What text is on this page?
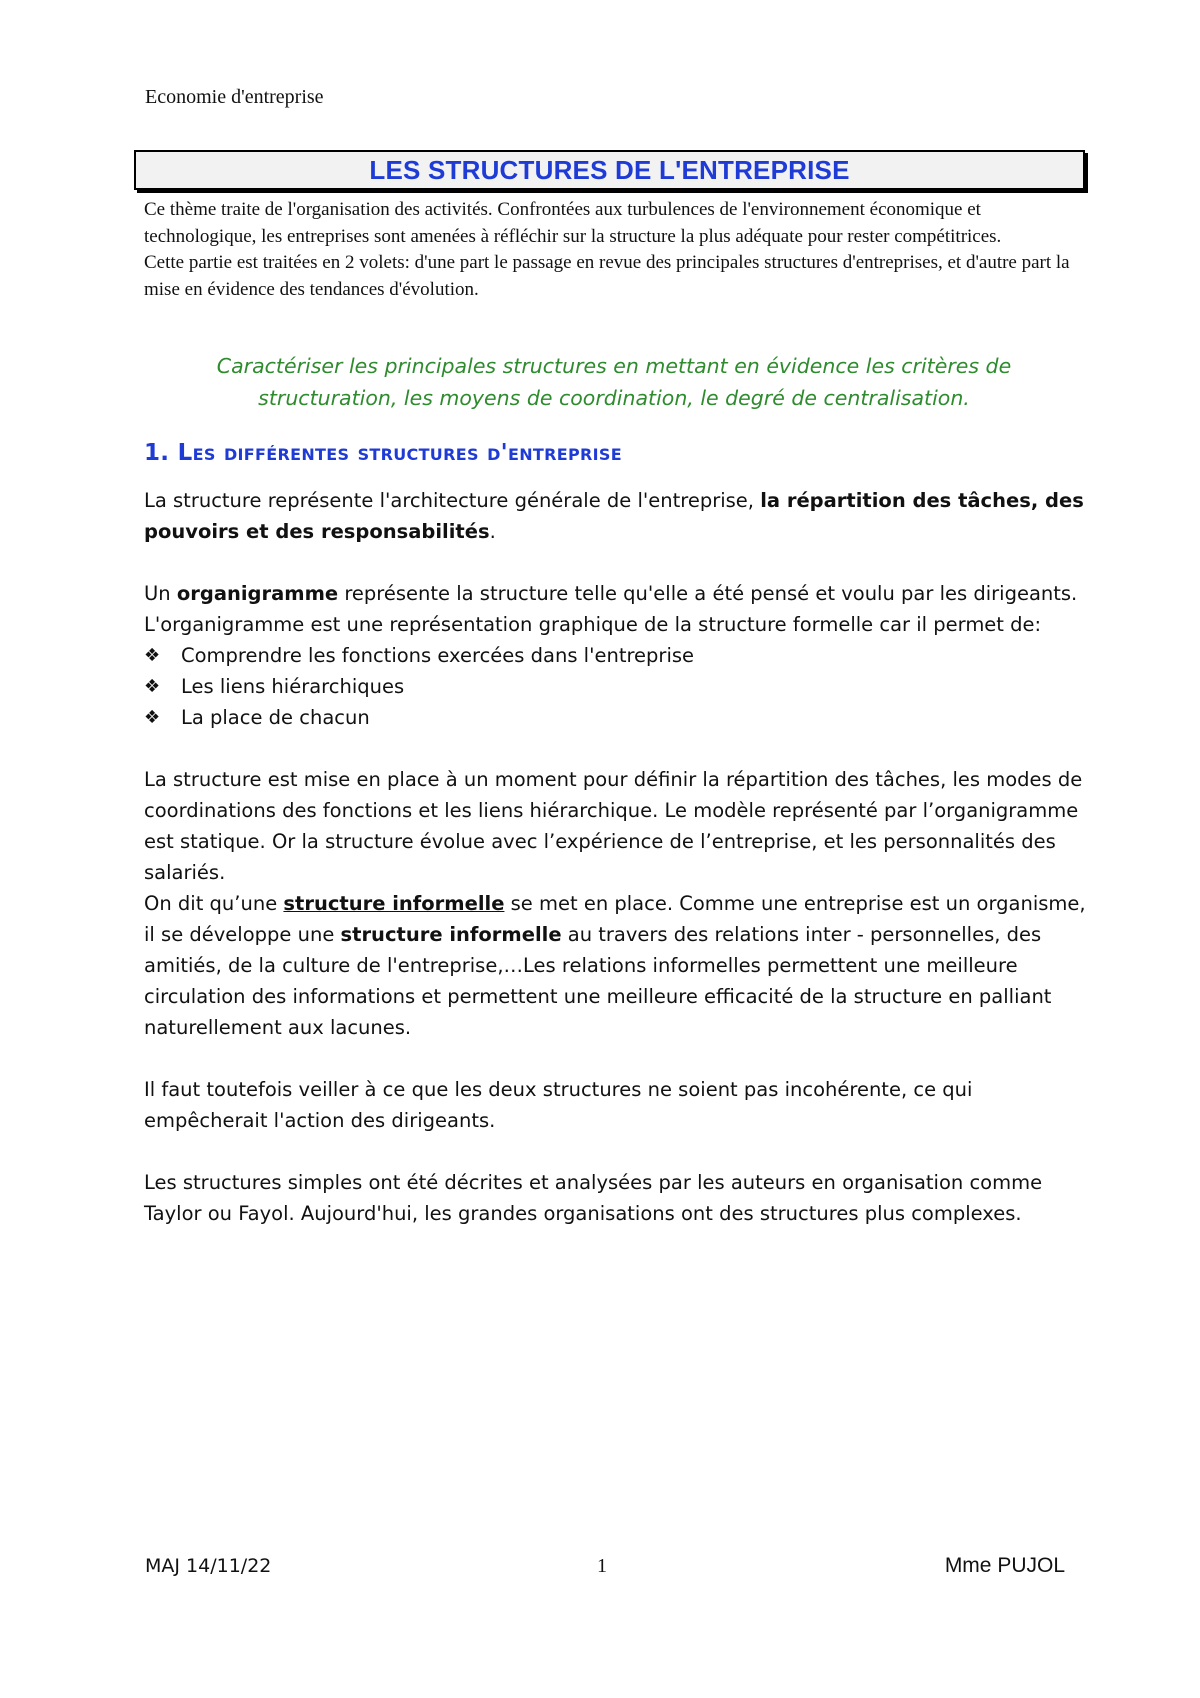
Economie d'entreprise
LES STRUCTURES DE L'ENTREPRISE

Ce thème traite de l'organisation des activités. Confrontées aux turbulences de l'environnement économique et technologique, les entreprises sont amenées à réfléchir sur la structure la plus adéquate pour rester compétitrices.

Cette partie est traitées en 2 volets: d'une part le passage en revue des principales structures d'entreprises, et d'autre part la mise en évidence des tendances d'évolution.

Caractériser les principales structures en mettant en évidence les critères de structuration, les moyens de coordination, le degré de centralisation.
1. Les différentes structures d'entreprise

La structure représente l'architecture générale de l'entreprise, la répartition des tâches, des pouvoirs et des responsabilités.

Un organigramme représente la structure telle qu'elle a été pensé et voulu par les dirigeants. L'organigramme est une représentation graphique de la structure formelle car il permet de:

❖	Comprendre les fonctions exercées dans l'entreprise
❖	Les liens hiérarchiques
❖	La place de chacun

La structure est mise en place à un moment pour définir la répartition des tâches, les modes de coordinations des fonctions et les liens hiérarchique. Le modèle représenté par l’organigramme est statique. Or la structure évolue avec l’expérience de l’entreprise, et les personnalités des salariés.

On dit qu’une structure informelle se met en place. Comme une entreprise est un organisme, il se développe une structure informelle au travers des relations inter - personnelles, des amitiés, de la culture de l'entreprise,…Les relations informelles permettent une meilleure circulation des informations et permettent une meilleure efficacité de la structure en palliant naturellement aux lacunes.

Il faut toutefois veiller à ce que les deux structures ne soient pas incohérente, ce qui empêcherait l'action des dirigeants.

Les structures simples ont été décrites et analysées par les auteurs en organisation comme Taylor ou Fayol. Aujourd'hui, les grandes organisations ont des structures plus complexes.

MAJ 14/11/22	1	Mme PUJOL
